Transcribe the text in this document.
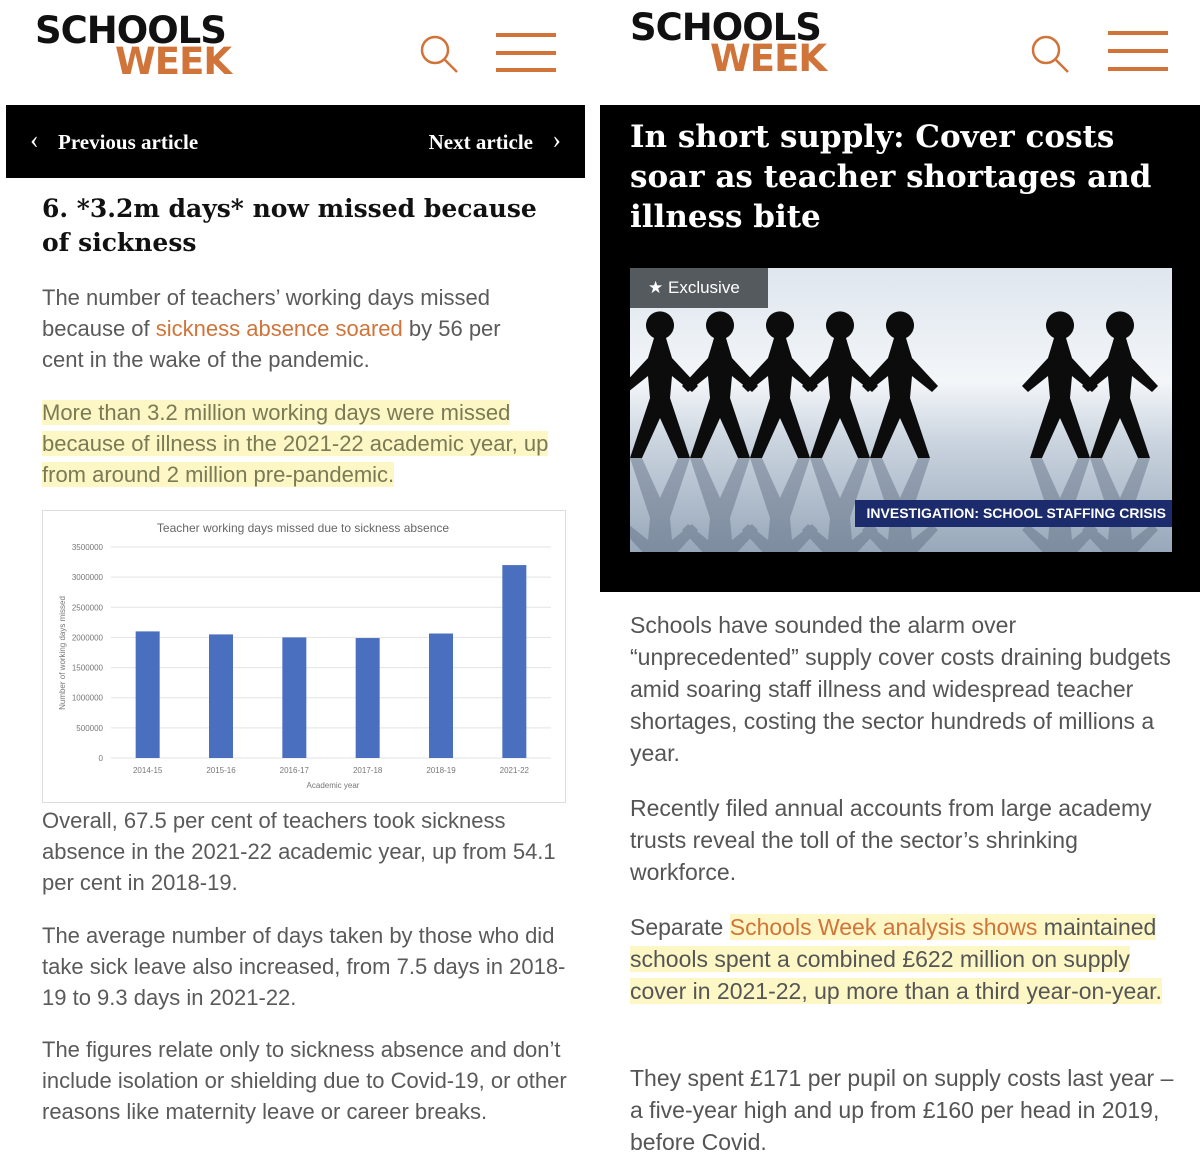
SCHOOLS
WEEK
‹ Previous article	Next article ›
6. *3.2m days* now missed because of sickness

The number of teachers’ working days missed because of sickness absence soared by 56 per cent in the wake of the pandemic.

More than 3.2 million working days were missed because of illness in the 2021-22 academic year, up from around 2 million pre-pandemic.

Teacher working days missed due to sickness absence
0
500000
1000000
1500000
2000000
2500000
3000000
3500000
2014-15	2015-16	2016-17	2017-18	2018-19	2021-22
Academic year
Number of working days missed

Overall, 67.5 per cent of teachers took sickness absence in the 2021-22 academic year, up from 54.1 per cent in 2018-19.

The average number of days taken by those who did take sick leave also increased, from 7.5 days in 2018-19 to 9.3 days in 2021-22.

The figures relate only to sickness absence and don’t include isolation or shielding due to Covid-19, or other reasons like maternity leave or career breaks.

SCHOOLS
WEEK
In short supply: Cover costs soar as teacher shortages and illness bite
★ Exclusive
INVESTIGATION: SCHOOL STAFFING CRISIS

Schools have sounded the alarm over “unprecedented” supply cover costs draining budgets amid soaring staff illness and widespread teacher shortages, costing the sector hundreds of millions a year.

Recently filed annual accounts from large academy trusts reveal the toll of the sector’s shrinking workforce.

Separate Schools Week analysis shows maintained schools spent a combined £622 million on supply cover in 2021-22, up more than a third year-on-year.

They spent £171 per pupil on supply costs last year – a five-year high and up from £160 per head in 2019, before Covid.
